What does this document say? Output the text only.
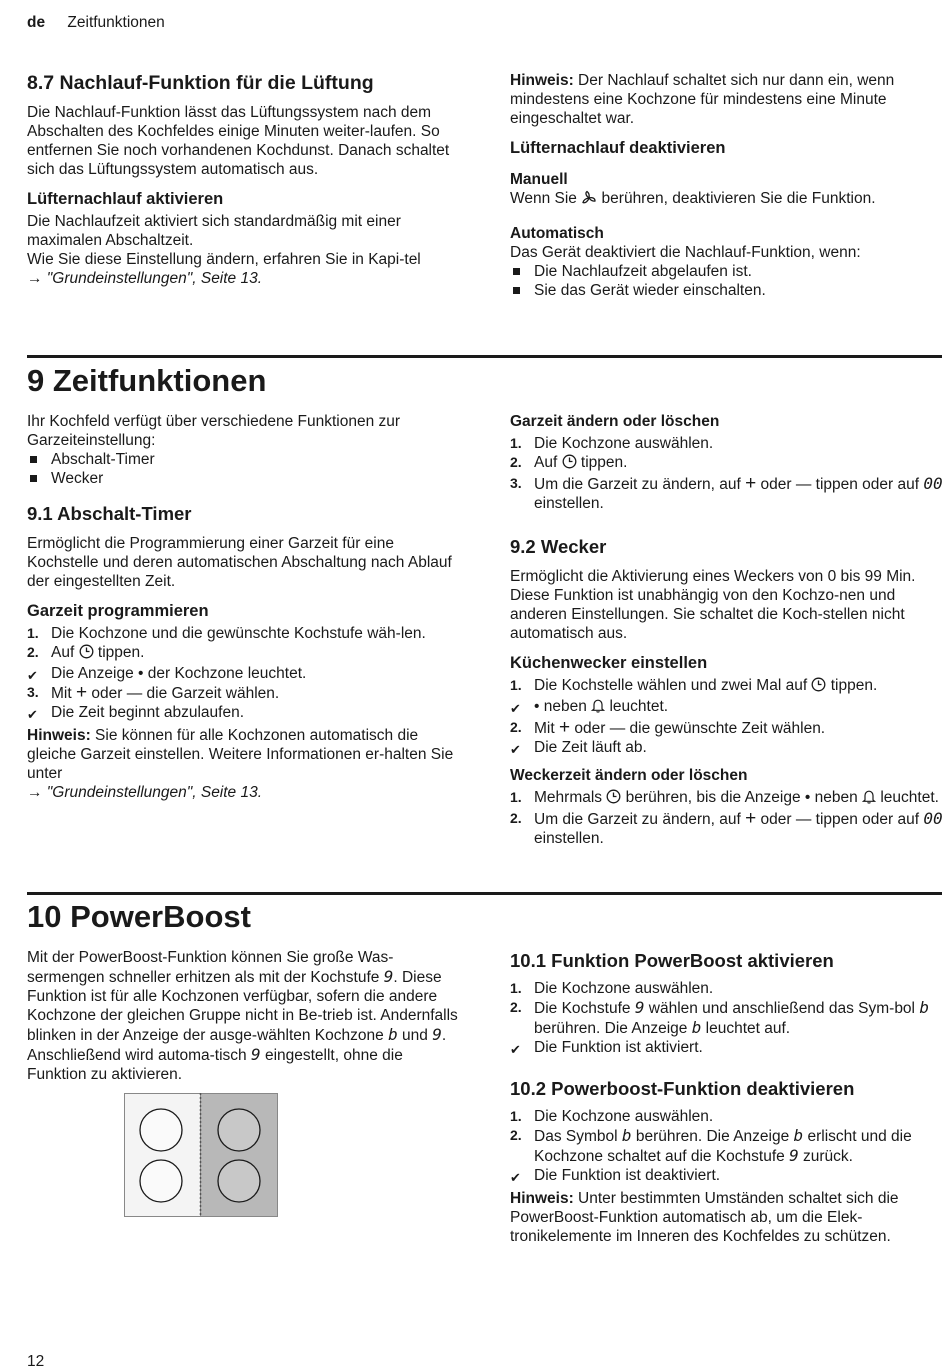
de Zeitfunktionen
8.7 Nachlauf-Funktion für die Lüftung

Die Nachlauf-Funktion lässt das Lüftungssystem nach dem Abschalten des Kochfeldes einige Minuten weiter-laufen. So entfernen Sie noch vorhandenen Kochdunst. Danach schaltet sich das Lüftungssystem automatisch aus.

Lüfternachlauf aktivieren

Die Nachlaufzeit aktiviert sich standardmäßig mit einer maximalen Abschaltzeit.

Wie Sie diese Einstellung ändern, erfahren Sie in Kapi-tel

→ "Grundeinstellungen", Seite 13.

Hinweis: Der Nachlauf schaltet sich nur dann ein, wenn mindestens eine Kochzone für mindestens eine Minute eingeschaltet war.

Lüfternachlauf deaktivieren
Manuell

Wenn Sie  berühren, deaktivieren Sie die Funktion.

Automatisch

Das Gerät deaktiviert die Nachlauf-Funktion, wenn:

Die Nachlaufzeit abgelaufen ist.
Sie das Gerät wieder einschalten.
9 Zeitfunktionen

Ihr Kochfeld verfügt über verschiedene Funktionen zur Garzeiteinstellung:

Abschalt-Timer
Wecker
9.1 Abschalt-Timer

Ermöglicht die Programmierung einer Garzeit für eine Kochstelle und deren automatischen Abschaltung nach Ablauf der eingestellten Zeit.

Garzeit programmieren
1. Die Kochzone und die gewünschte Kochstufe wäh-len.
2. Auf  tippen.
✔ Die Anzeige • der Kochzone leuchtet.
3. Mit + oder — die Garzeit wählen.
✔ Die Zeit beginnt abzulaufen.

Hinweis: Sie können für alle Kochzonen automatisch die gleiche Garzeit einstellen. Weitere Informationen er-halten Sie unter

→ "Grundeinstellungen", Seite 13.

Garzeit ändern oder löschen
1. Die Kochzone auswählen.
2. Auf  tippen.
3. Um die Garzeit zu ändern, auf + oder — tippen oder auf 00 einstellen.
9.2 Wecker

Ermöglicht die Aktivierung eines Weckers von 0 bis 99 Min. Diese Funktion ist unabhängig von den Kochzo-nen und anderen Einstellungen. Sie schaltet die Koch-stellen nicht automatisch aus.

Küchenwecker einstellen
1. Die Kochstelle wählen und zwei Mal auf  tippen.
✔ • neben  leuchtet.
2. Mit + oder — die gewünschte Zeit wählen.
✔ Die Zeit läuft ab.
Weckerzeit ändern oder löschen
1. Mehrmals  berühren, bis die Anzeige • neben  leuchtet.
2. Um die Garzeit zu ändern, auf + oder — tippen oder auf 00 einstellen.
10 PowerBoost

Mit der PowerBoost-Funktion können Sie große Was-sermengen schneller erhitzen als mit der Kochstufe 9. Diese Funktion ist für alle Kochzonen verfügbar, sofern die andere Kochzone der gleichen Gruppe nicht in Be-trieb ist. Andernfalls blinken in der Anzeige der ausge-wählten Kochzone b und 9. Anschließend wird automa-tisch 9 eingestellt, ohne die Funktion zu aktivieren.

10.1 Funktion PowerBoost aktivieren
1. Die Kochzone auswählen.
2. Die Kochstufe 9 wählen und anschließend das Sym-bol b berühren. Die Anzeige b leuchtet auf.
✔ Die Funktion ist aktiviert.
10.2 Powerboost-Funktion deaktivieren
1. Die Kochzone auswählen.
2. Das Symbol b berühren. Die Anzeige b erlischt und die Kochzone schaltet auf die Kochstufe 9 zurück.
✔ Die Funktion ist deaktiviert.

Hinweis: Unter bestimmten Umständen schaltet sich die PowerBoost-Funktion automatisch ab, um die Elek-tronikelemente im Inneren des Kochfeldes zu schützen.

12
